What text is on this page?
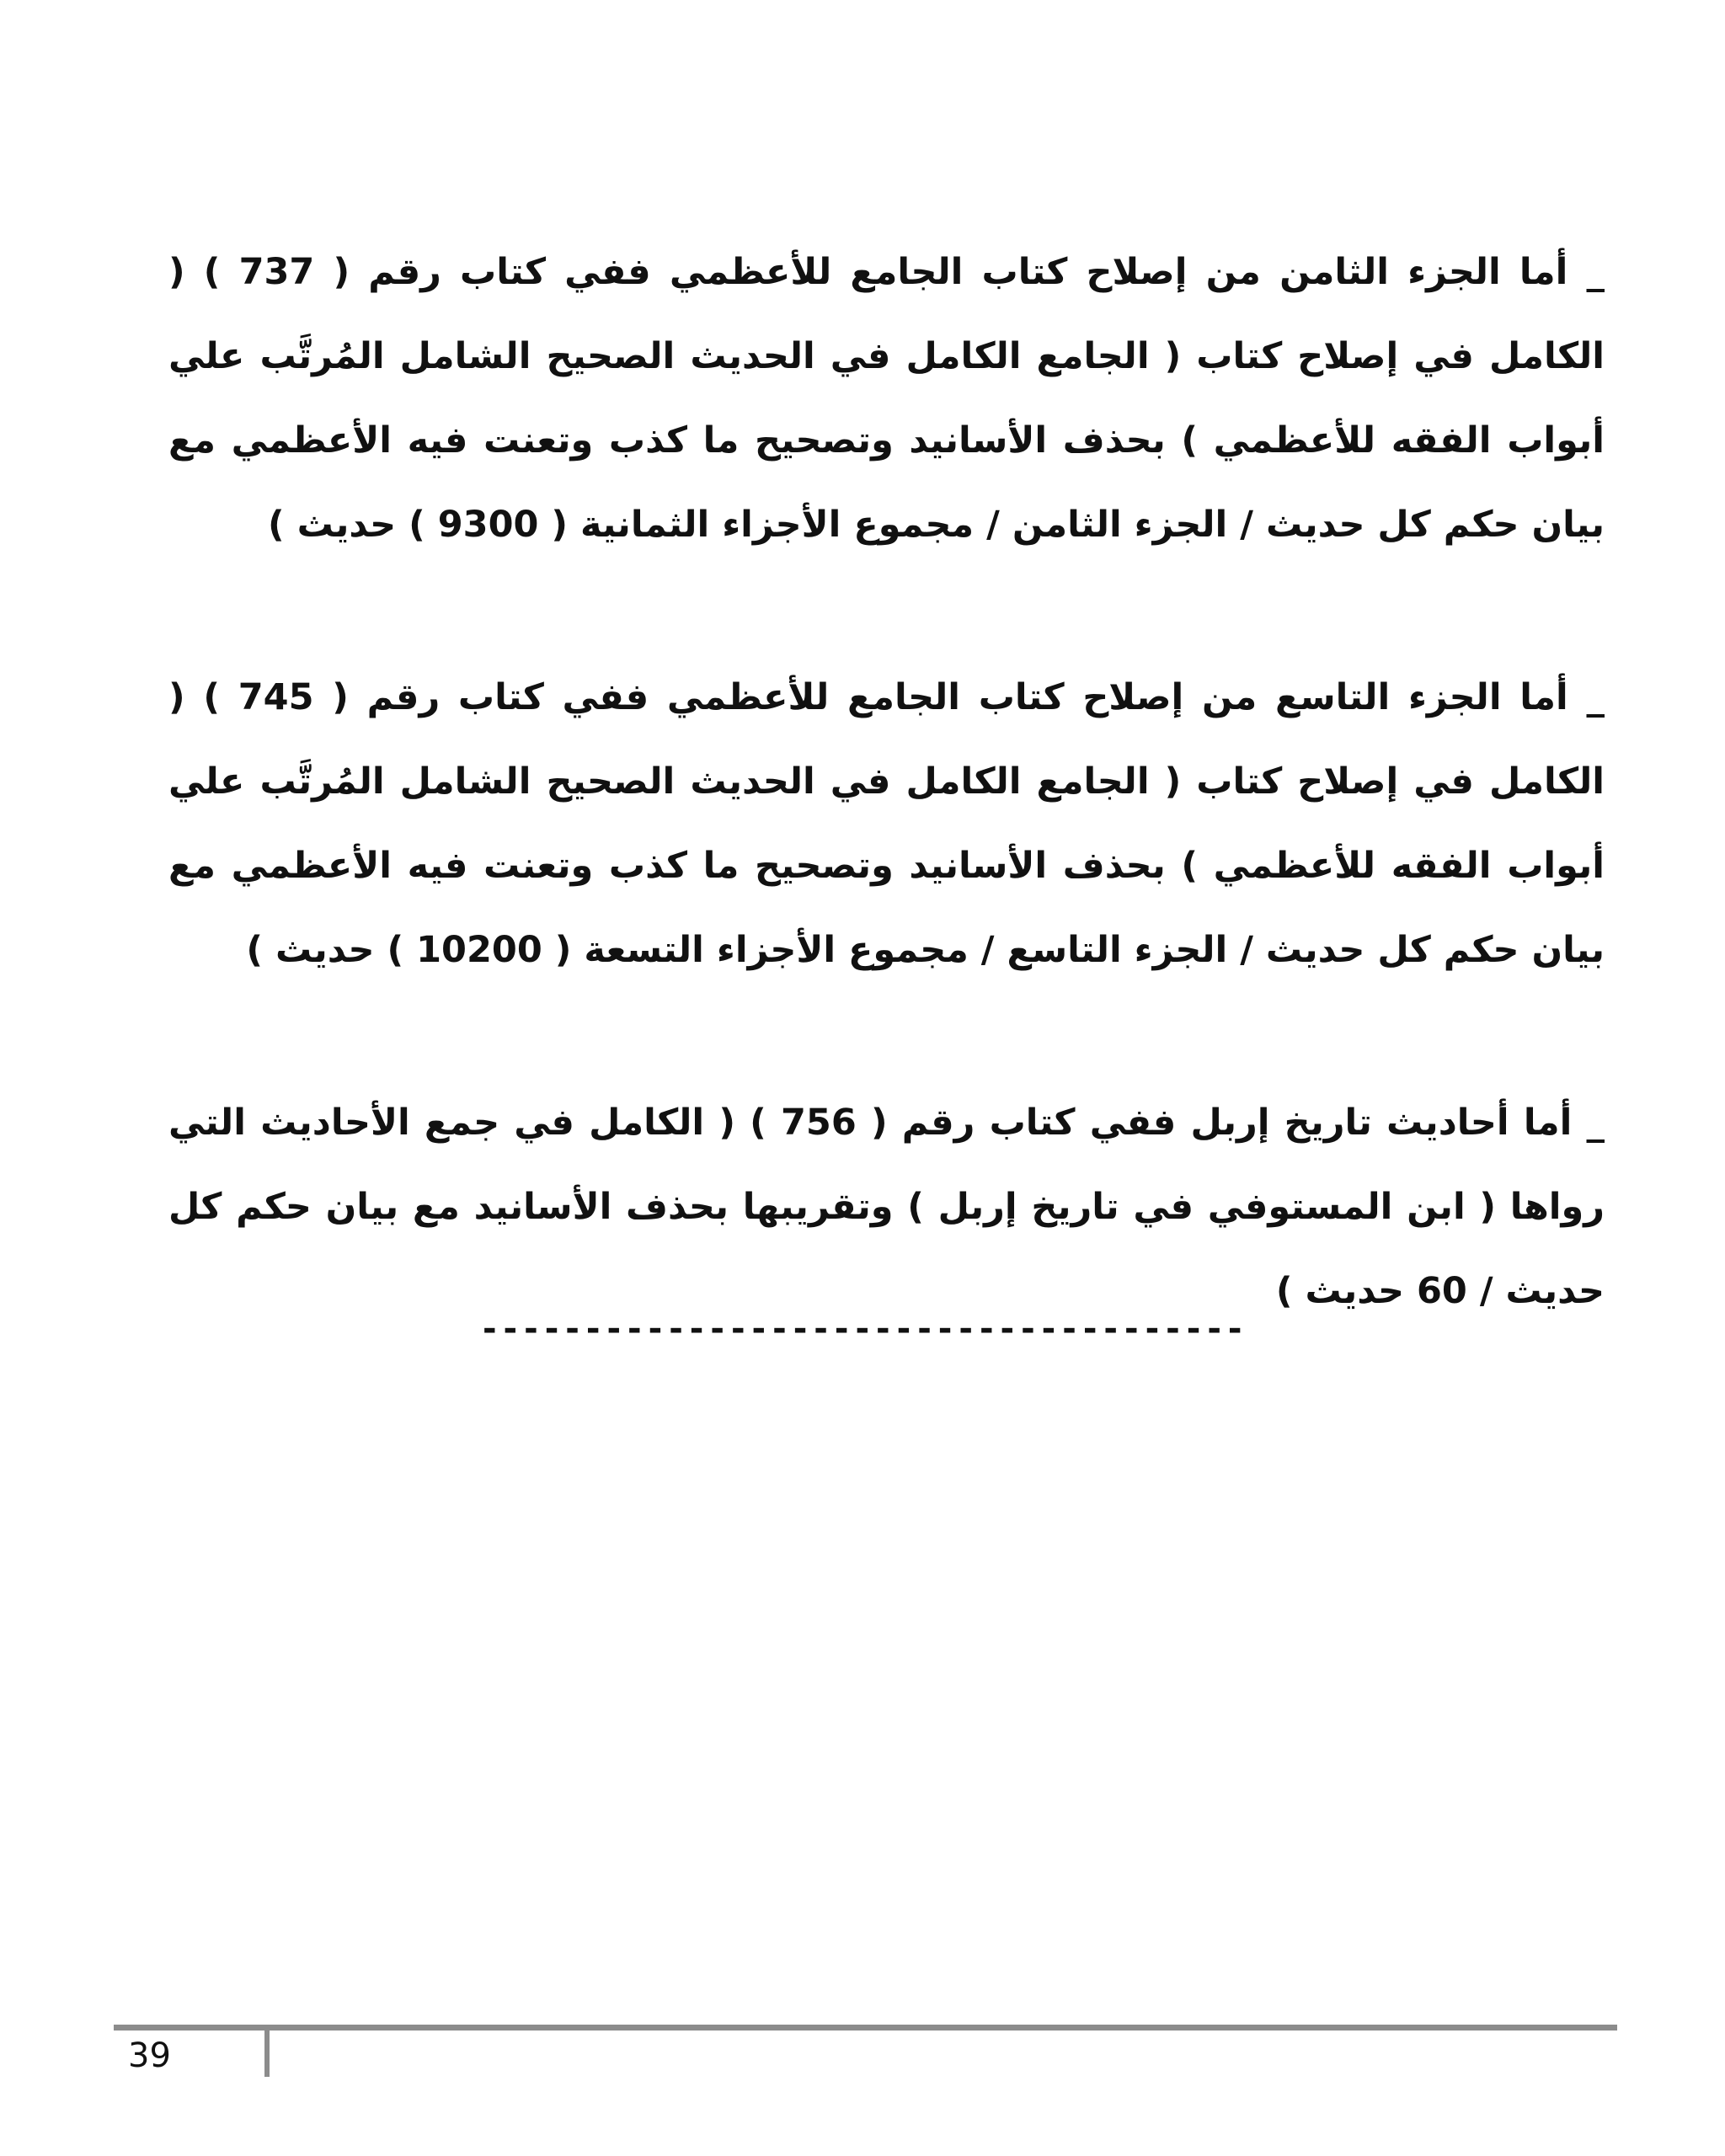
_ أما الجزء الثامن من إصلاح كتاب الجامع للأعظمي ففي كتاب رقم ( 737 ) ( الكامل في إصلاح كتاب ( الجامع الكامل في الحديث الصحيح الشامل المُرتَّب علي أبواب الفقه للأعظمي ) بحذف الأسانيد وتصحيح ما كذب وتعنت فيه الأعظمي مع بيان حكم كل حديث / الجزء الثامن / مجموع الأجزاء الثمانية ( 9300 ) حديث )

_ أما الجزء التاسع من إصلاح كتاب الجامع للأعظمي ففي كتاب رقم ( 745 ) ( الكامل في إصلاح كتاب ( الجامع الكامل في الحديث الصحيح الشامل المُرتَّب علي أبواب الفقه للأعظمي ) بحذف الأسانيد وتصحيح ما كذب وتعنت فيه الأعظمي مع بيان حكم كل حديث / الجزء التاسع / مجموع الأجزاء التسعة ( 10200 ) حديث )

_ أما أحاديث تاريخ إربل ففي كتاب رقم ( 756 ) ( الكامل في جمع الأحاديث التي رواها ( ابن المستوفي في تاريخ إربل ) وتقريبها بحذف الأسانيد مع بيان حكم كل حديث / 60 حديث )

-------------------------------------
39
